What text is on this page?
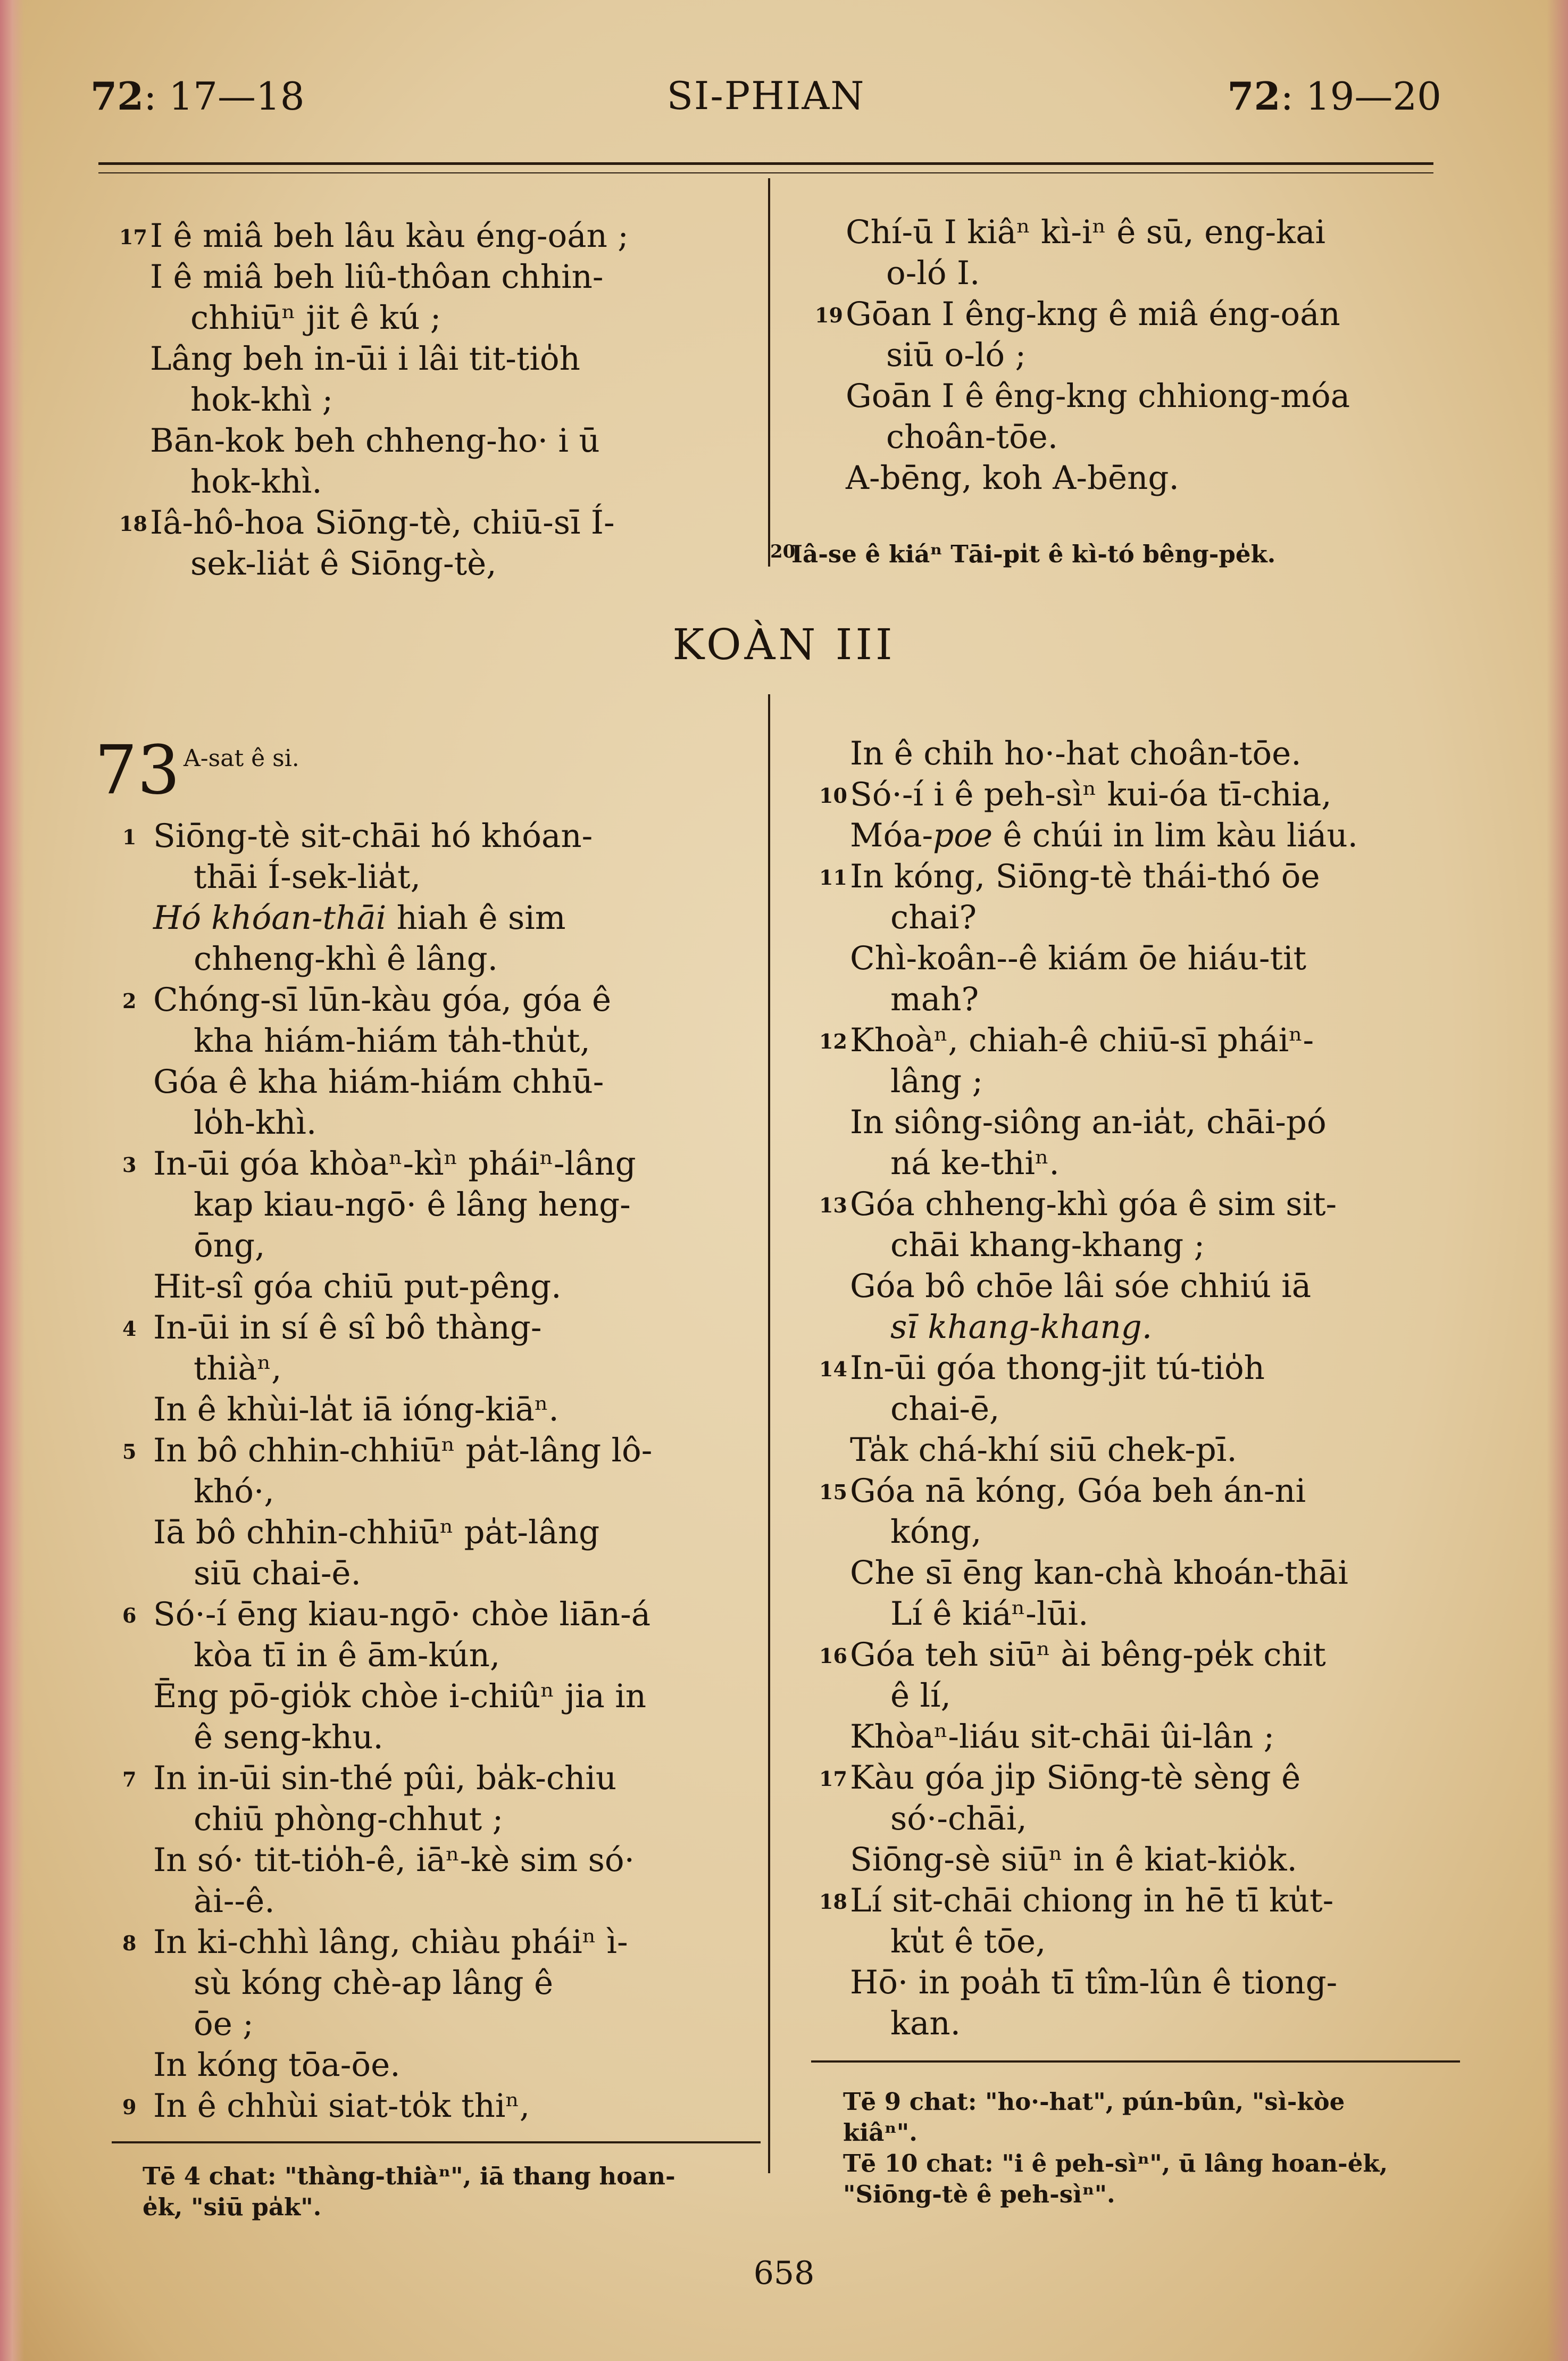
72: 17—18	SI-PHIAN	72: 19—20
17 I ê miâ beh lâu kàu éng-oán ;
I ê miâ beh liû-thôan chhin-
chhiūⁿ jit ê kú ;
Lâng beh in-ūi i lâi tit-tio̍h
hok-khì ;
Bān-kok beh chheng-ho· i ū
hok-khì.
18 Iâ-hô-hoa Siōng-tè, chiū-sī Í-
sek-lia̍t ê Siōng-tè,
Chí-ū I kiâⁿ kì-iⁿ ê sū, eng-kai
o-ló I.
19 Gōan I êng-kng ê miâ éng-oán
siū o-ló ;
Goān I ê êng-kng chhiong-móa
choân-tōe.
A-bēng, koh A-bēng.
20
Iâ-se ê kiáⁿ Tāi-pi̍t ê kì-tó bêng-pe̍k.
KOÀN III
73 A-sat ê si.
1 Siōng-tè sit-chāi hó khóan-
thāi Í-sek-lia̍t,
Hó khóan-thāi hiah ê sim
chheng-khì ê lâng.
2 Chóng-sī lūn-kàu góa, góa ê
kha hiám-hiám ta̍h-thu̍t,
Góa ê kha hiám-hiám chhū-
lo̍h-khì.
3 In-ūi góa khòaⁿ-kìⁿ pháiⁿ-lâng
kap kiau-ngō· ê lâng heng-
ōng,
Hit-sî góa chiū put-pêng.
4 In-ūi in sí ê sî bô thàng-
thiàⁿ,
In ê khùi-la̍t iā ióng-kiāⁿ.
5 In bô chhin-chhiūⁿ pa̍t-lâng lô-
khó·,
Iā bô chhin-chhiūⁿ pa̍t-lâng
siū chai-ē.
6 Só·-í ēng kiau-ngō· chòe liān-á
kòa tī in ê ām-kún,
Ēng pō-gio̍k chòe i-chiûⁿ jia in
ê seng-khu.
7 In in-ūi sin-thé pûi, ba̍k-chiu
chiū phòng-chhut ;
In só· tit-tio̍h-ê, iāⁿ-kè sim só·
ài--ê.
8 In ki-chhì lâng, chiàu pháiⁿ ì-
sù kóng chè-ap lâng ê
ōe ;
In kóng tōa-ōe.
9 In ê chhùi siat-to̍k thiⁿ,
In ê chih ho·-hat choân-tōe.
10 Só·-í i ê peh-sìⁿ kui-óa tī-chia,
Móa-poe ê chúi in lim kàu liáu.
11 In kóng, Siōng-tè thái-thó ōe
chai?
Chì-koân--ê kiám ōe hiáu-tit
mah?
12 Khoàⁿ, chiah-ê chiū-sī pháiⁿ-
lâng ;
In siông-siông an-ia̍t, chāi-pó
ná ke-thiⁿ.
13 Góa chheng-khì góa ê sim sit-
chāi khang-khang ;
Góa bô chōe lâi sóe chhiú iā
sī khang-khang.
14 In-ūi góa thong-jit tú-tio̍h
chai-ē,
Ta̍k chá-khí siū chek-pī.
15 Góa nā kóng, Góa beh án-ni
kóng,
Che sī ēng kan-chà khoán-thāi
Lí ê kiáⁿ-lūi.
16 Góa teh siūⁿ ài bêng-pe̍k chit
ê lí,
Khòaⁿ-liáu sit-chāi ûi-lân ;
17 Kàu góa ji̍p Siōng-tè sèng ê
só·-chāi,
Siōng-sè siūⁿ in ê kiat-kio̍k.
18 Lí sit-chāi chiong in hē tī ku̍t-
ku̍t ê tōe,
Hō· in poa̍h tī tîm-lûn ê tiong-
kan.
Tē 4 chat: "thàng-thiàⁿ", iā thang hoan-
e̍k, "siū pa̍k".
Tē 9 chat: "ho·-hat", pún-bûn, "sì-kòe
kiâⁿ".
Tē 10 chat: "i ê peh-sìⁿ", ū lâng hoan-e̍k,
"Siōng-tè ê peh-sìⁿ".
658
